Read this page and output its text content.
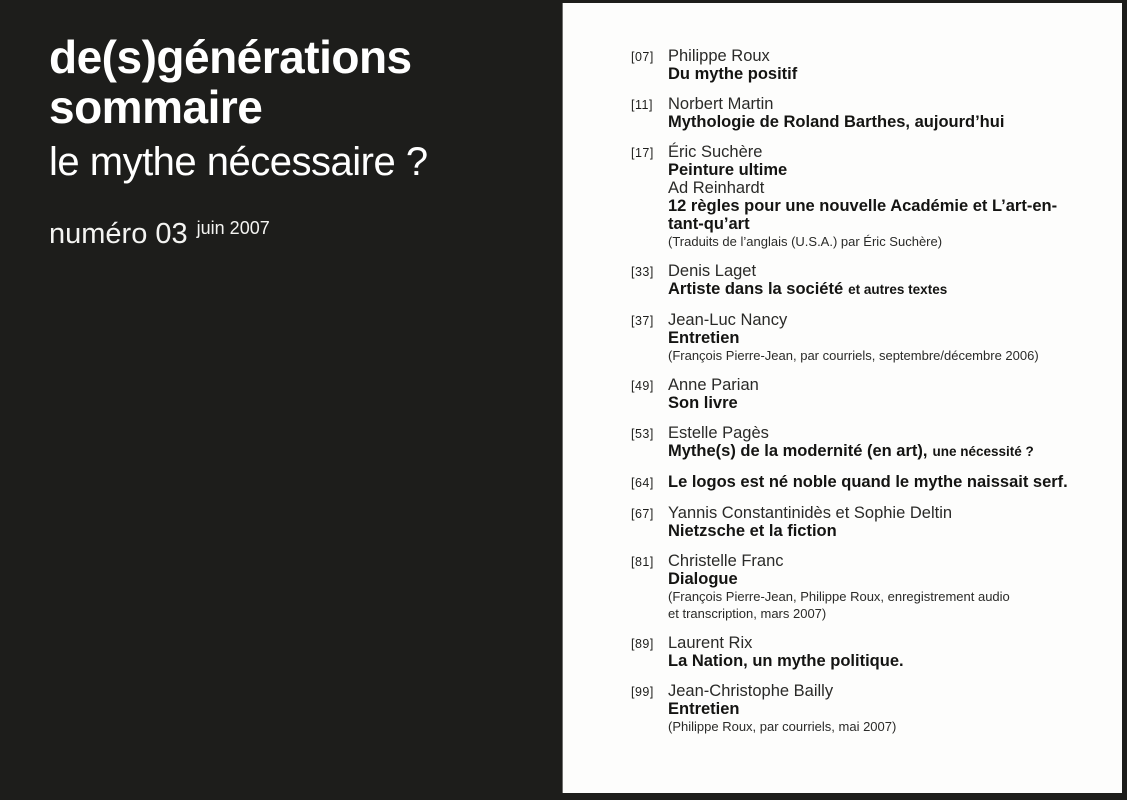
de(s)générations
sommaire
le mythe nécessaire ?
numéro 03 $^{juin 2007}$
[07] Philippe Roux
Du mythe positif
[11] Norbert Martin
Mythologie de Roland Barthes, aujourd’hui
[17] Éric Suchère
Peinture ultime
Ad Reinhardt
12 règles pour une nouvelle Académie et L’art-en-tant-qu’art
(Traduits de l’anglais (U.S.A.) par Éric Suchère)
[33] Denis Laget
Artiste dans la société et autres textes
[37] Jean-Luc Nancy
Entretien
(François Pierre-Jean, par courriels, septembre/décembre 2006)
[49] Anne Parian
Son livre
[53] Estelle Pagès
Mythe(s) de la modernité (en art), une nécessité ?
[64] Le logos est né noble quand le mythe naissait serf.
[67] Yannis Constantinidès et Sophie Deltin
Nietzsche et la fiction
[81] Christelle Franc
Dialogue
(François Pierre-Jean, Philippe Roux, enregistrement audio
et transcription, mars 2007)
[89] Laurent Rix
La Nation, un mythe politique.
[99] Jean-Christophe Bailly
Entretien
(Philippe Roux, par courriels, mai 2007)
